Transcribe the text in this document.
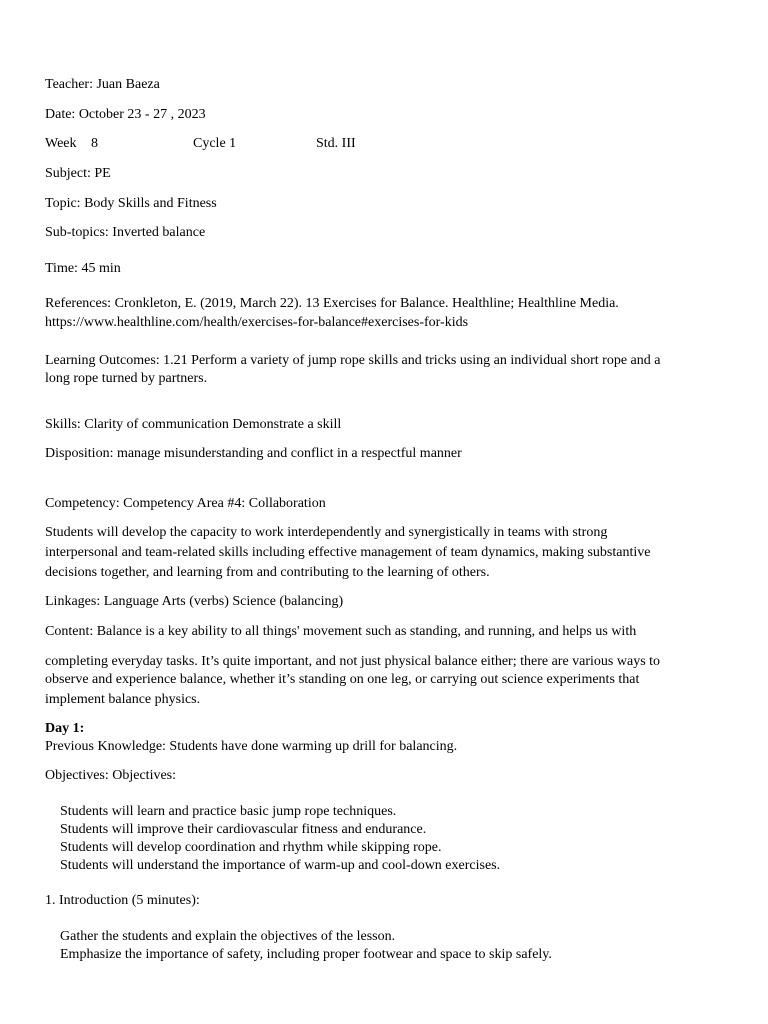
Teacher: Juan Baeza
Date: October 23 - 27 , 2023
Week 8	Cycle 1	Std. III
Subject: PE
Topic: Body Skills and Fitness
Sub-topics: Inverted balance
Time: 45 min
References: Cronkleton, E. (2019, March 22). 13 Exercises for Balance. Healthline; Healthline Media.
https://www.healthline.com/health/exercises-for-balance#exercises-for-kids
Learning Outcomes: 1.21 Perform a variety of jump rope skills and tricks using an individual short rope and a
long rope turned by partners.
Skills: Clarity of communication Demonstrate a skill
Disposition: manage misunderstanding and conflict in a respectful manner
Competency: Competency Area #4: Collaboration
Students will develop the capacity to work interdependently and synergistically in teams with strong
interpersonal and team-related skills including effective management of team dynamics, making substantive
decisions together, and learning from and contributing to the learning of others.
Linkages: Language Arts (verbs) Science (balancing)
Content: Balance is a key ability to all things' movement such as standing, and running, and helps us with
completing everyday tasks. It’s quite important, and not just physical balance either; there are various ways to
observe and experience balance, whether it’s standing on one leg, or carrying out science experiments that
implement balance physics.
Day 1:
Previous Knowledge: Students have done warming up drill for balancing.
Objectives: Objectives:
Students will learn and practice basic jump rope techniques.
Students will improve their cardiovascular fitness and endurance.
Students will develop coordination and rhythm while skipping rope.
Students will understand the importance of warm-up and cool-down exercises.
1. Introduction (5 minutes):
Gather the students and explain the objectives of the lesson.
Emphasize the importance of safety, including proper footwear and space to skip safely.
